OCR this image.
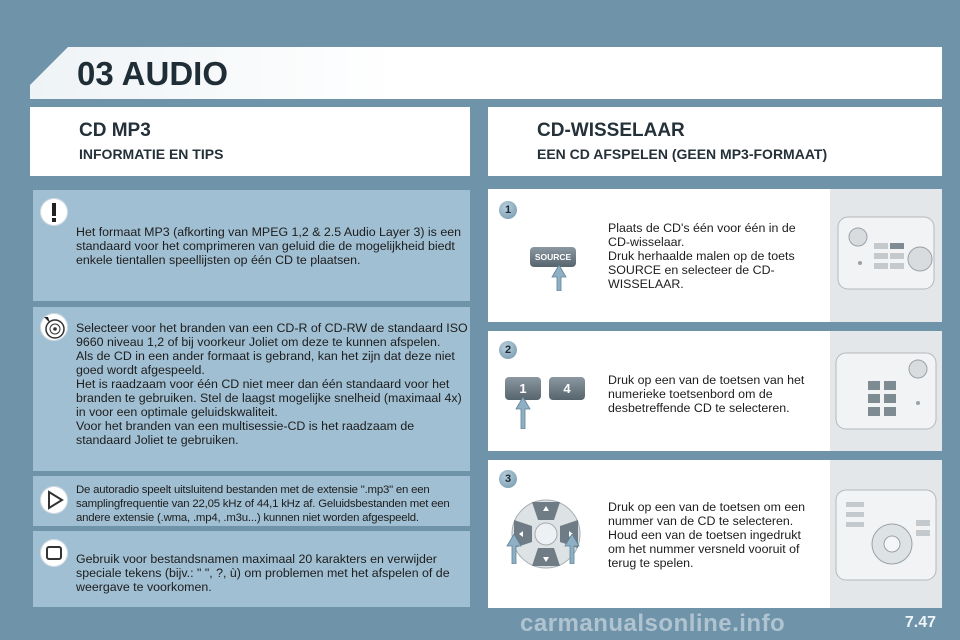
03 AUDIO
CD MP3
INFORMATIE EN TIPS
CD-WISSELAAR
EEN CD AFSPELEN (GEEN MP3-FORMAAT)
Het formaat MP3 (afkorting van MPEG 1,2 & 2.5 Audio Layer 3) is een standaard voor het comprimeren van geluid die de mogelijkheid biedt enkele tientallen speellijsten op één CD te plaatsen.
Selecteer voor het branden van een CD-R of CD-RW de standaard ISO 9660 niveau 1,2 of bij voorkeur Joliet om deze te kunnen afspelen.
Als de CD in een ander formaat is gebrand, kan het zijn dat deze niet goed wordt afgespeeld.
Het is raadzaam voor één CD niet meer dan één standaard voor het branden te gebruiken. Stel de laagst mogelijke snelheid (maximaal 4x) in voor een optimale geluidskwaliteit.
Voor het branden van een multisessie-CD is het raadzaam de standaard Joliet te gebruiken.
De autoradio speelt uitsluitend bestanden met de extensie ".mp3" en een samplingfrequentie van 22,05 kHz of 44,1 kHz af. Geluidsbestanden met een andere extensie (.wma, .mp4, .m3u...) kunnen niet worden afgespeeld.
Gebruik voor bestandsnamen maximaal 20 karakters en verwijder speciale tekens (bijv.: " ", ?, ù) om problemen met het afspelen of de weergave te voorkomen.
1
SOURCE
Plaats de CD's één voor één in de CD-wisselaar.
Druk herhaalde malen op de toets SOURCE en selecteer de CD-WISSELAAR.
2
1	4
Druk op een van de toetsen van het numerieke toetsenbord om de desbetreffende CD te selecteren.
3
Druk op een van de toetsen om een nummer van de CD te selecteren.
Houd een van de toetsen ingedrukt om het nummer versneld vooruit of terug te spelen.
7.47
carmanualsonline.info
